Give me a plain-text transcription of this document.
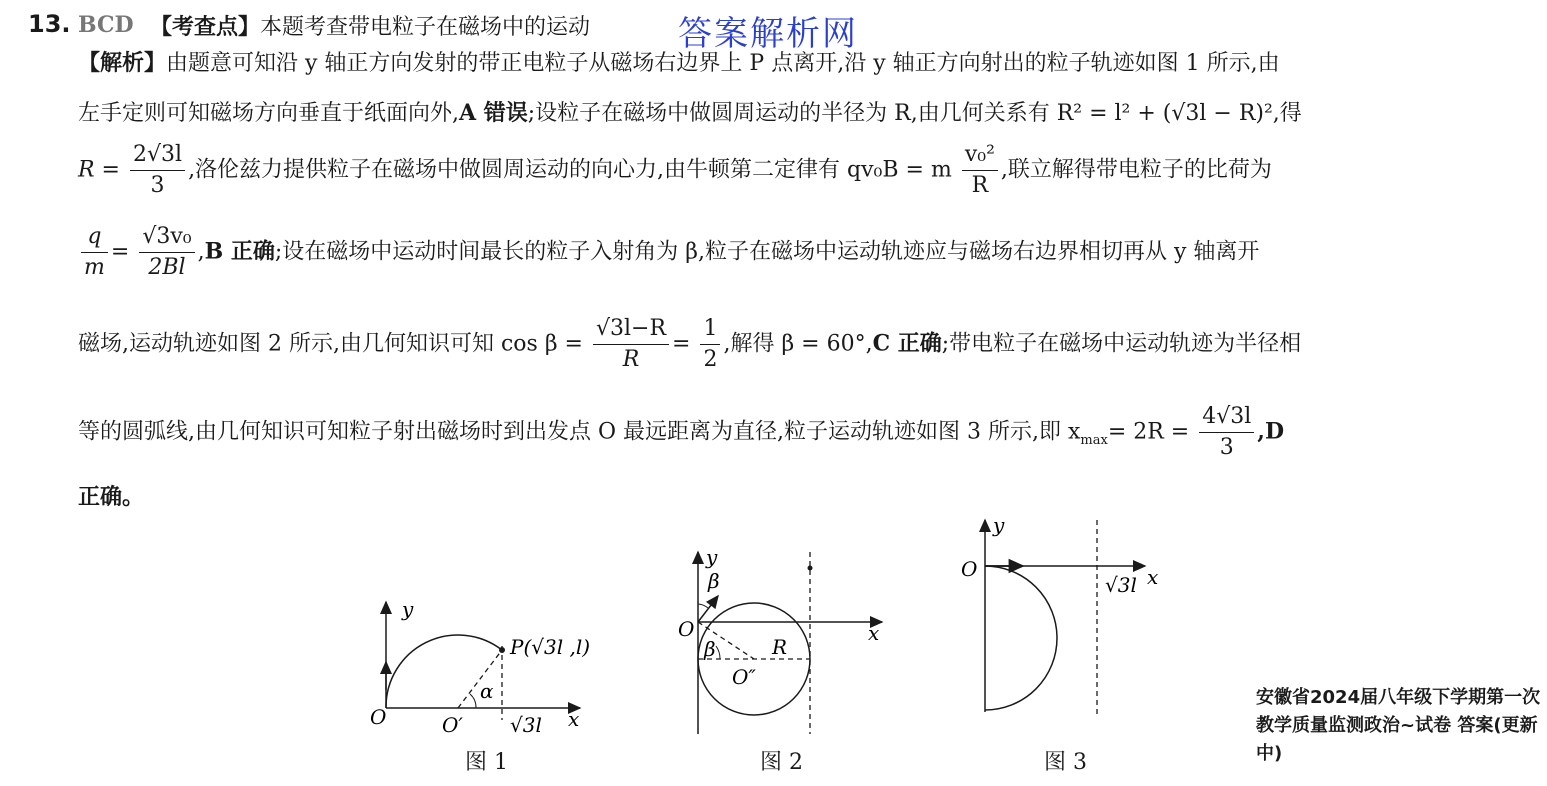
13. BCD 【考查点】本题考查带电粒子在磁场中的运动	答案解析网
【解析】由题意可知沿 y 轴正方向发射的带正电粒子从磁场右边界上 P 点离开,沿 y 轴正方向射出的粒子轨迹如图 1 所示,由
左手定则可知磁场方向垂直于纸面向外,A 错误;设粒子在磁场中做圆周运动的半径为 R,由几何关系有 R² = l² + (√3l − R)²,得
$R = \frac{2√3l}{3}$ ,洛伦兹力提供粒子在磁场中做圆周运动的向心力,由牛顿第二定律有 qv₀B = m $\frac{\text{v₀²}}{R}$ ,联立解得带电粒子的比荷为
$\frac{q}{m} = \frac{\text{√3v₀}}{2Bl} ,B$ 正确;设在磁场中运动时间最长的粒子入射角为 β,粒子在磁场中运动轨迹应与磁场右边界相切再从 y 轴离开
磁场,运动轨迹如图 2 所示,由几何知识可知 $\cos \beta = \frac{√3l-R}{R} = \frac{1}{2}$ ,解得 β = 60°,C 正确;带电粒子在磁场中运动轨迹为半径相
等的圆弧线,由几何知识可知粒子射出磁场时到出发点 O 最远距离为直径,粒子运动轨迹如图 3 所示,即 $x_{max}= 2R = \frac{4√3l}{3} ,D$
正确。
y
x
O	O′
P(√3l ,l)
α
√3l
图 1
y
x
O
β
β	R
O″
图 2
y
x
O
√3l
图 3
安徽省2024届八年级下学期第一次教学质量监测政治~试卷 答案(更新中)
